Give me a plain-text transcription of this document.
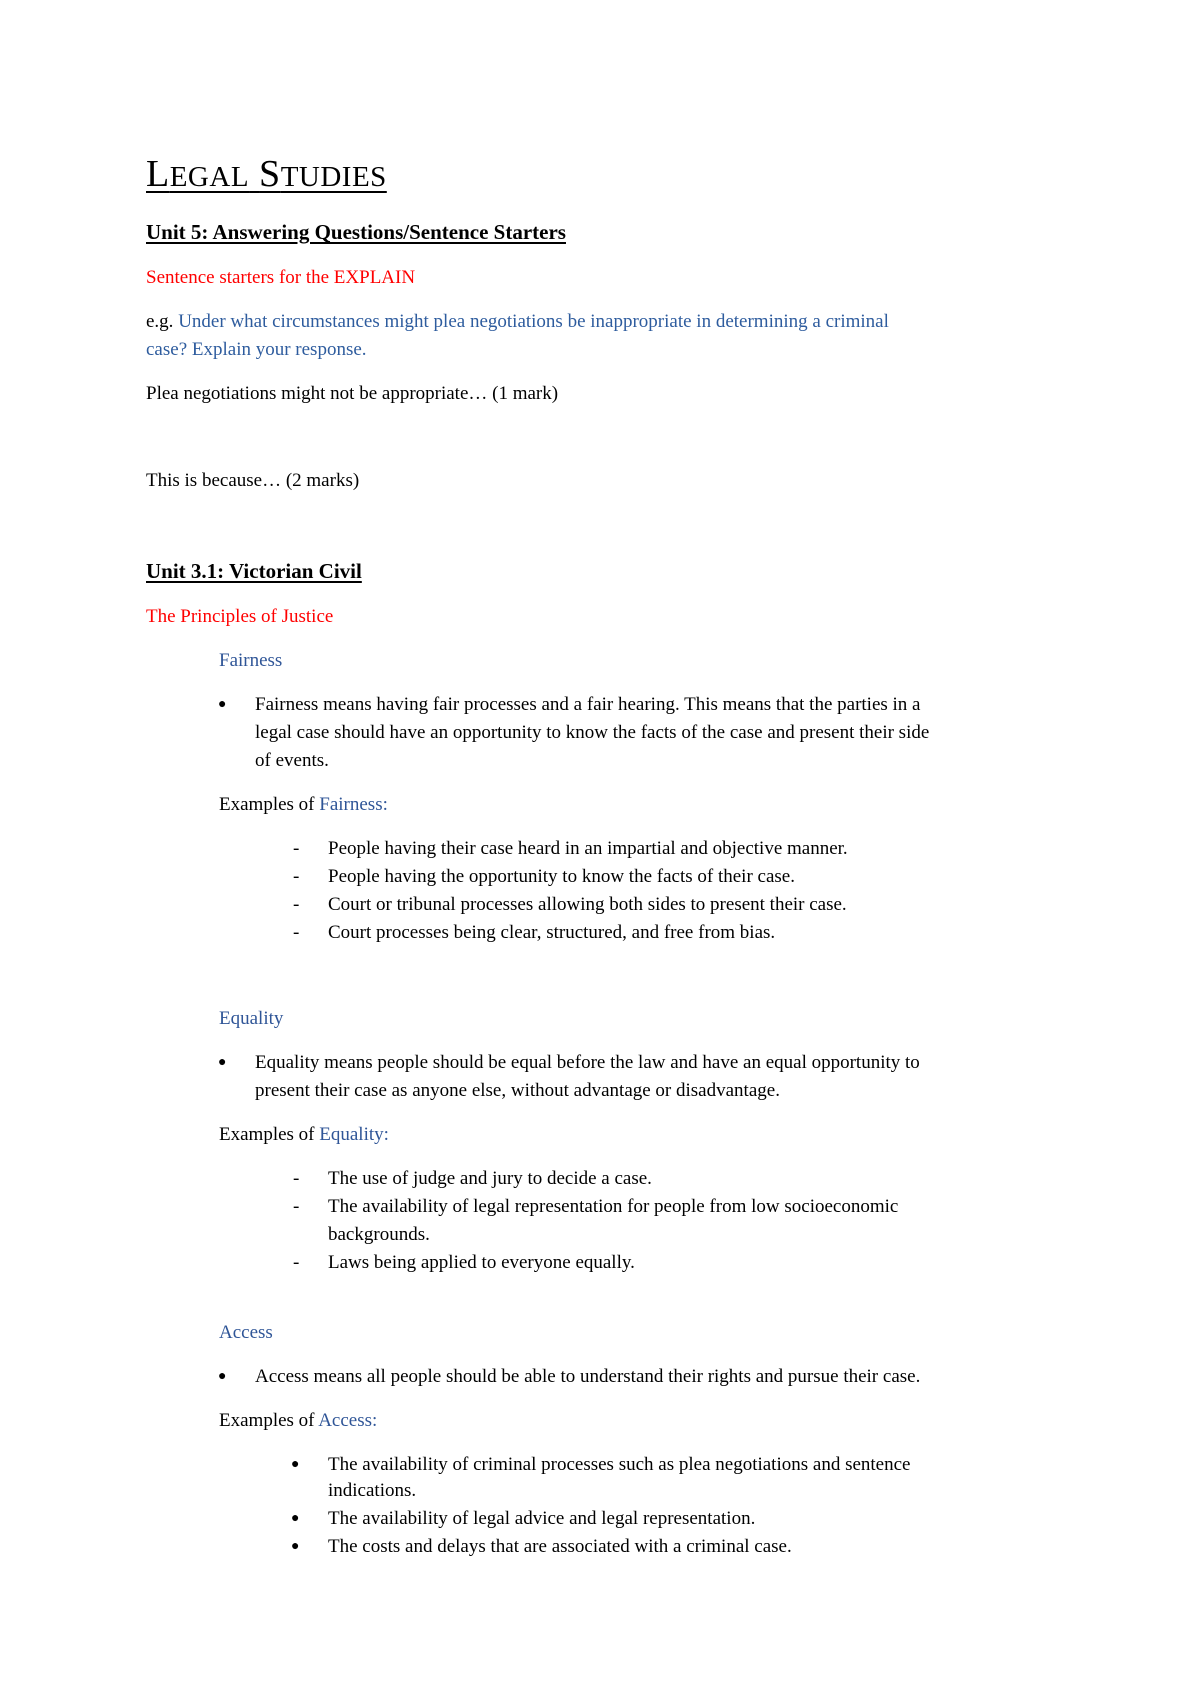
LEGAL STUDIES
Unit 5: Answering Questions/Sentence Starters
Sentence starters for the EXPLAIN
e.g. Under what circumstances might plea negotiations be inappropriate in determining a criminal
case? Explain your response.
Plea negotiations might not be appropriate… (1 mark)
This is because… (2 marks)
Unit 3.1: Victorian Civil
The Principles of Justice
Fairness
● Fairness means having fair processes and a fair hearing. This means that the parties in a
legal case should have an opportunity to know the facts of the case and present their side
of events.
Examples of Fairness:
- People having their case heard in an impartial and objective manner.
- People having the opportunity to know the facts of their case.
- Court or tribunal processes allowing both sides to present their case.
- Court processes being clear, structured, and free from bias.
Equality
● Equality means people should be equal before the law and have an equal opportunity to
present their case as anyone else, without advantage or disadvantage.
Examples of Equality:
- The use of judge and jury to decide a case.
- The availability of legal representation for people from low socioeconomic
backgrounds.
- Laws being applied to everyone equally.
Access
● Access means all people should be able to understand their rights and pursue their case.
Examples of Access:
● The availability of criminal processes such as plea negotiations and sentence
indications.
● The availability of legal advice and legal representation.
● The costs and delays that are associated with a criminal case.
